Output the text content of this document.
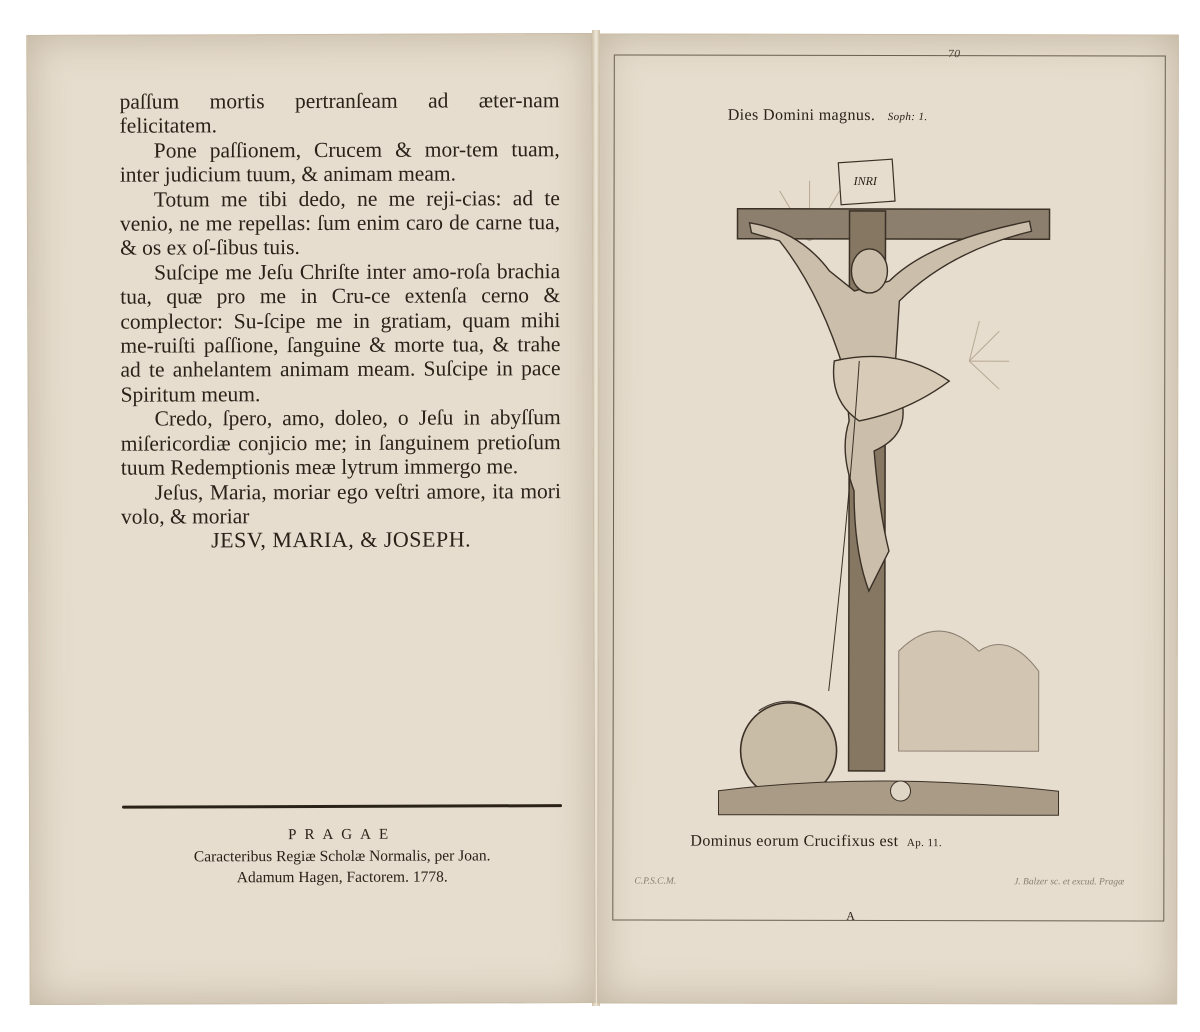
paſſum mortis pertranſeam ad æter-nam felicitatem.

Pone paſſionem, Crucem & mor-tem tuam, inter judicium tuum, & animam meam.

Totum me tibi dedo, ne me reji-cias: ad te venio, ne me repellas: ſum enim caro de carne tua, & os ex oſ-ſibus tuis.

Suſcipe me Jeſu Chriſte inter amo-roſa brachia tua, quæ pro me in Cru-ce extenſa cerno & complector: Su-ſcipe me in gratiam, quam mihi me-ruiſti paſſione, ſanguine & morte tua, & trahe ad te anhelantem animam meam. Suſcipe in pace Spiritum meum.

Credo, ſpero, amo, doleo, o Jeſu in abyſſum miſericordiæ conjicio me; in ſanguinem pretioſum tuum Redemptionis meæ lytrum immergo me.

Jeſus, Maria, moriar ego veſtri amore, ita mori volo, & moriar

JESV, MARIA, & JOSEPH.

PRAGAE
Caracteribus Regiæ Scholæ Normalis, per Joan.
Adamum Hagen, Factorem. 1778.
70
Dies Domini magnus. Soph: 1.
INRI
Dominus eorum Crucifixus est Ap. 11.
C.P.S.C.M.	J. Balzer sc. et excud. Pragæ
A
